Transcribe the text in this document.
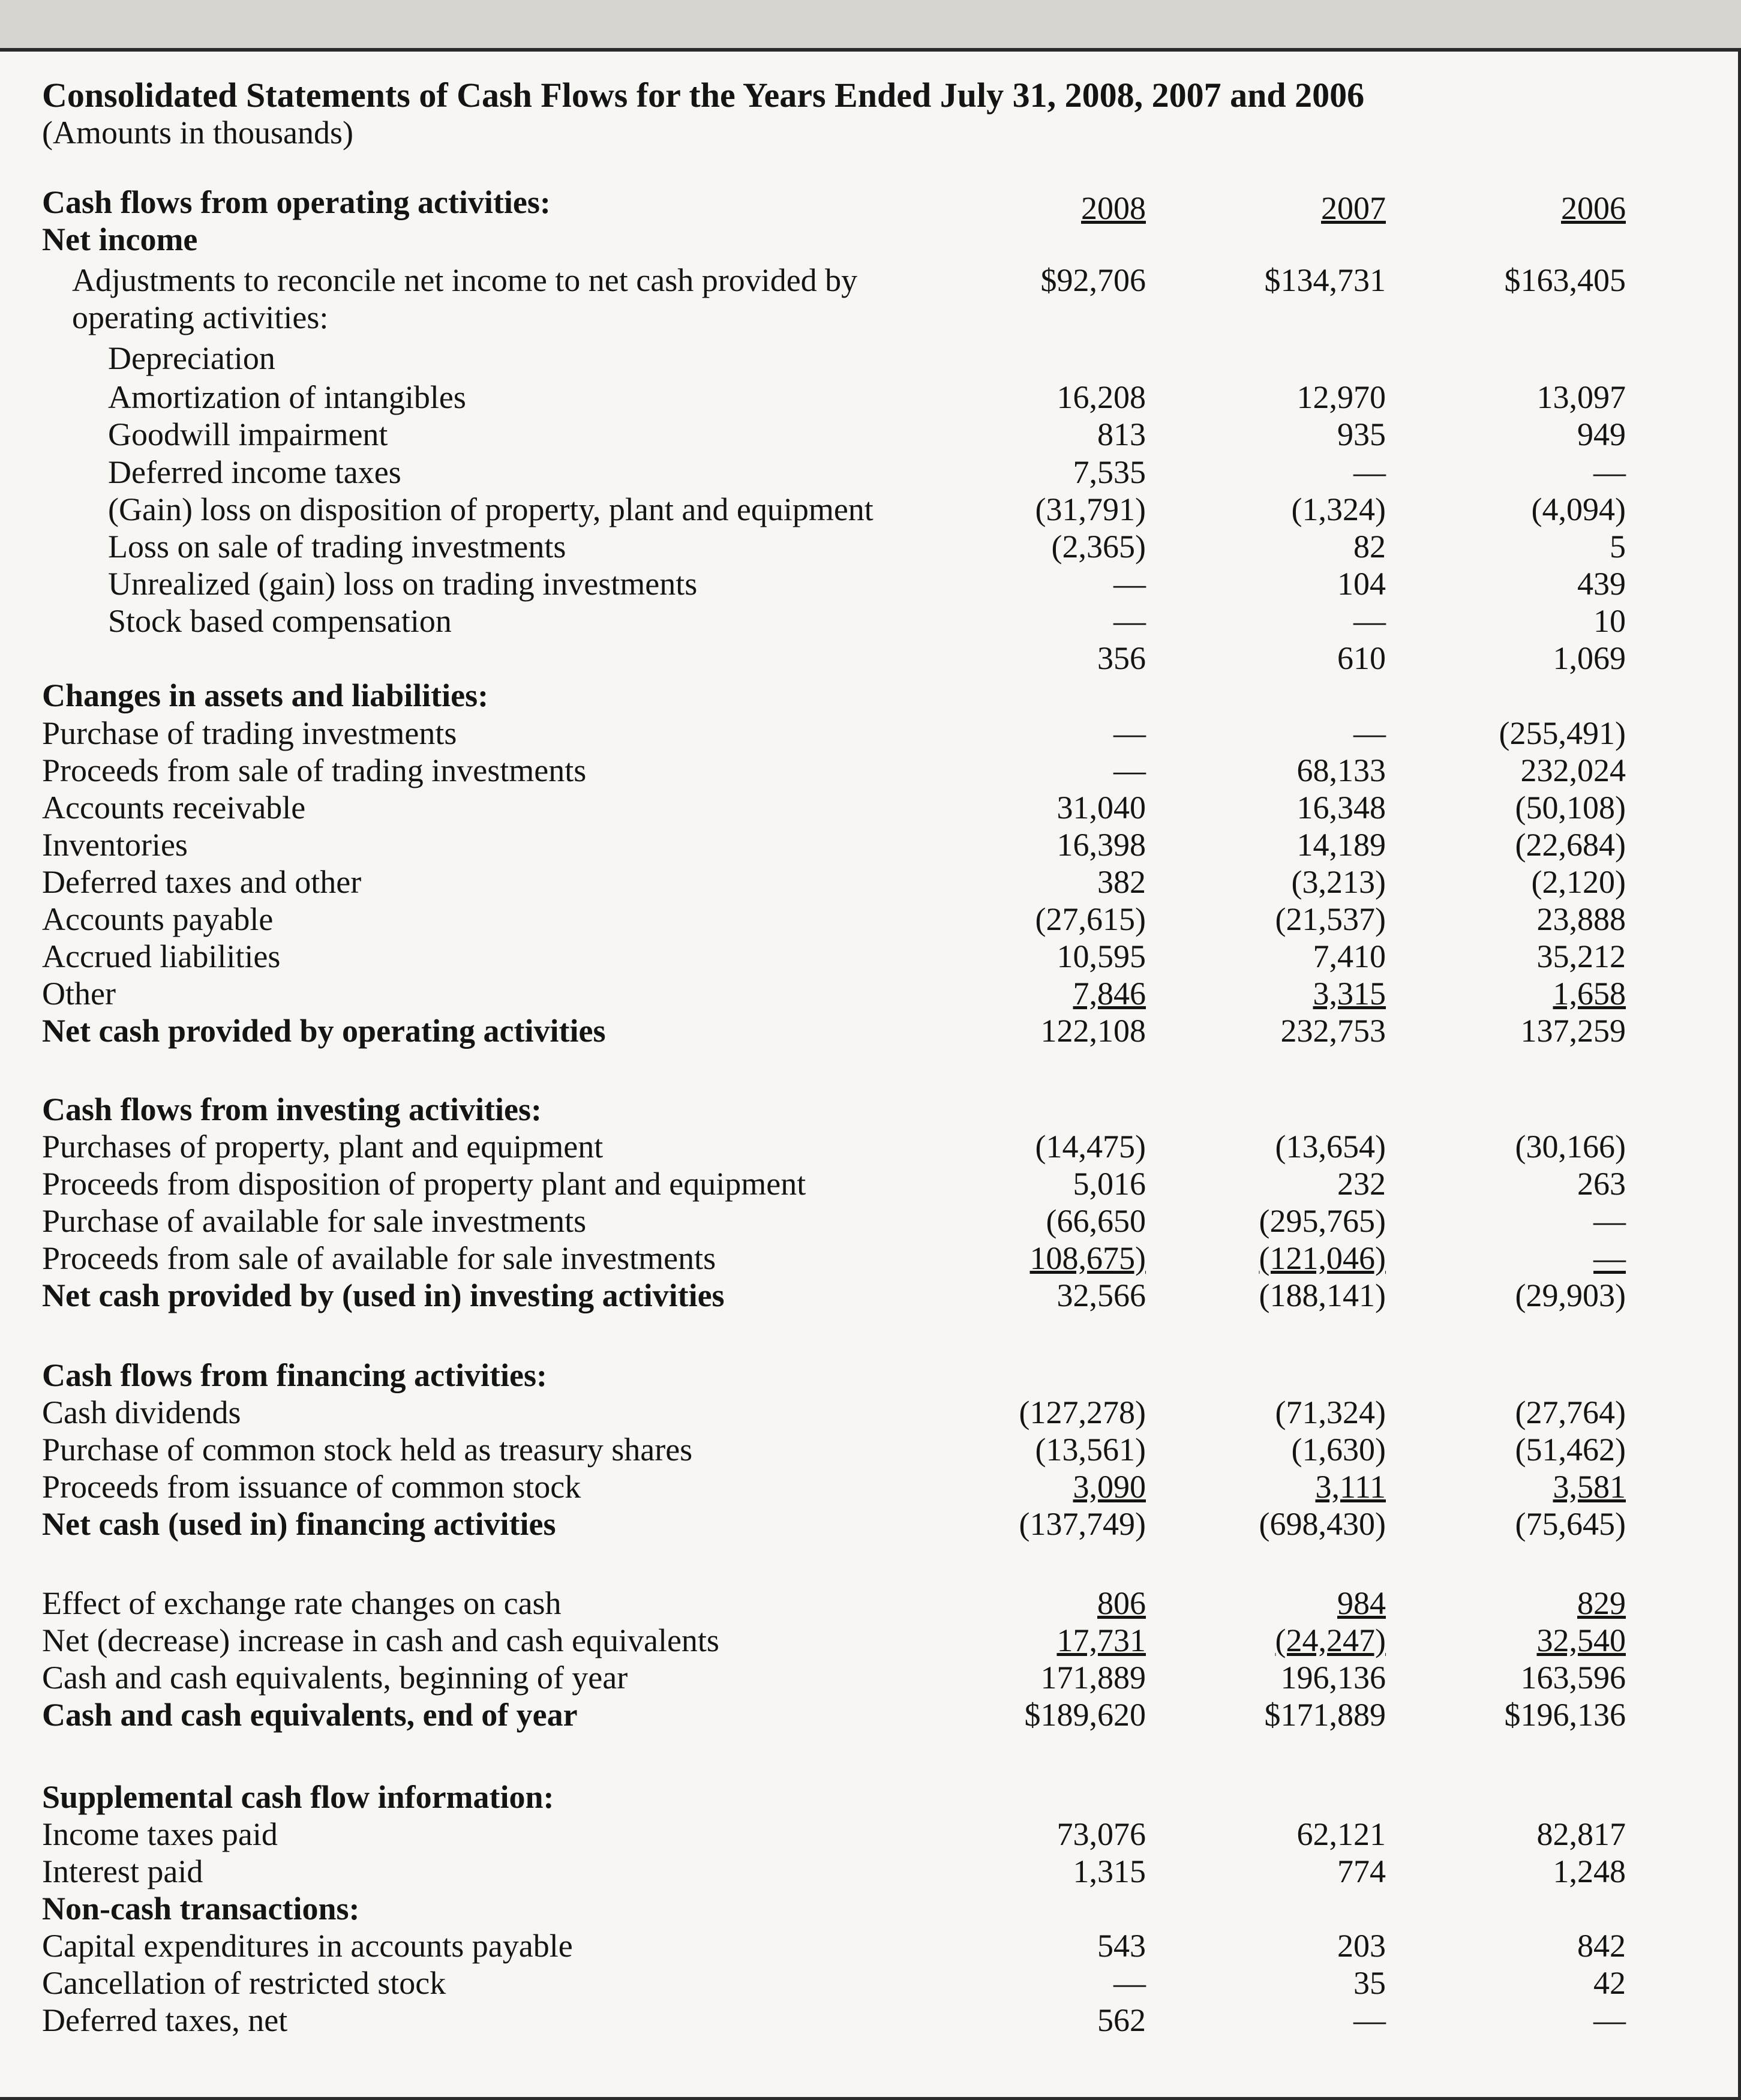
Consolidated Statements of Cash Flows for the Years Ended July 31, 2008, 2007 and 2006
(Amounts in thousands)
2008	2007	2006
Cash flows from operating activities:
Net income
Adjustments to reconcile net income to net cash provided by	$92,706	$134,731	$163,405
operating activities:
Depreciation
Amortization of intangibles	16,208	12,970	13,097
Goodwill impairment	813	935	949
Deferred income taxes	7,535	—	—
(Gain) loss on disposition of property, plant and equipment	(31,791)	(1,324)	(4,094)
Loss on sale of trading investments	(2,365)	82	5
Unrealized (gain) loss on trading investments	—	104	439
Stock based compensation	—	—	10
356	610	1,069
Changes in assets and liabilities:
Purchase of trading investments	—	—	(255,491)
Proceeds from sale of trading investments	—	68,133	232,024
Accounts receivable	31,040	16,348	(50,108)
Inventories	16,398	14,189	(22,684)
Deferred taxes and other	382	(3,213)	(2,120)
Accounts payable	(27,615)	(21,537)	23,888
Accrued liabilities	10,595	7,410	35,212
Other	7,846	3,315	1,658
Net cash provided by operating activities	122,108	232,753	137,259
Cash flows from investing activities:
Purchases of property, plant and equipment	(14,475)	(13,654)	(30,166)
Proceeds from disposition of property plant and equipment	5,016	232	263
Purchase of available for sale investments	(66,650	(295,765)	—
Proceeds from sale of available for sale investments	108,675)	(121,046)	—
Net cash provided by (used in) investing activities	32,566	(188,141)	(29,903)
Cash flows from financing activities:
Cash dividends	(127,278)	(71,324)	(27,764)
Purchase of common stock held as treasury shares	(13,561)	(1,630)	(51,462)
Proceeds from issuance of common stock	3,090	3,111	3,581
Net cash (used in) financing activities	(137,749)	(698,430)	(75,645)
Effect of exchange rate changes on cash	806	984	829
Net (decrease) increase in cash and cash equivalents	17,731	(24,247)	32,540
Cash and cash equivalents, beginning of year	171,889	196,136	163,596
Cash and cash equivalents, end of year	$189,620	$171,889	$196,136
Supplemental cash flow information:
Income taxes paid	73,076	62,121	82,817
Interest paid	1,315	774	1,248
Non-cash transactions:
Capital expenditures in accounts payable	543	203	842
Cancellation of restricted stock	—	35	42
Deferred taxes, net	562	—	—
